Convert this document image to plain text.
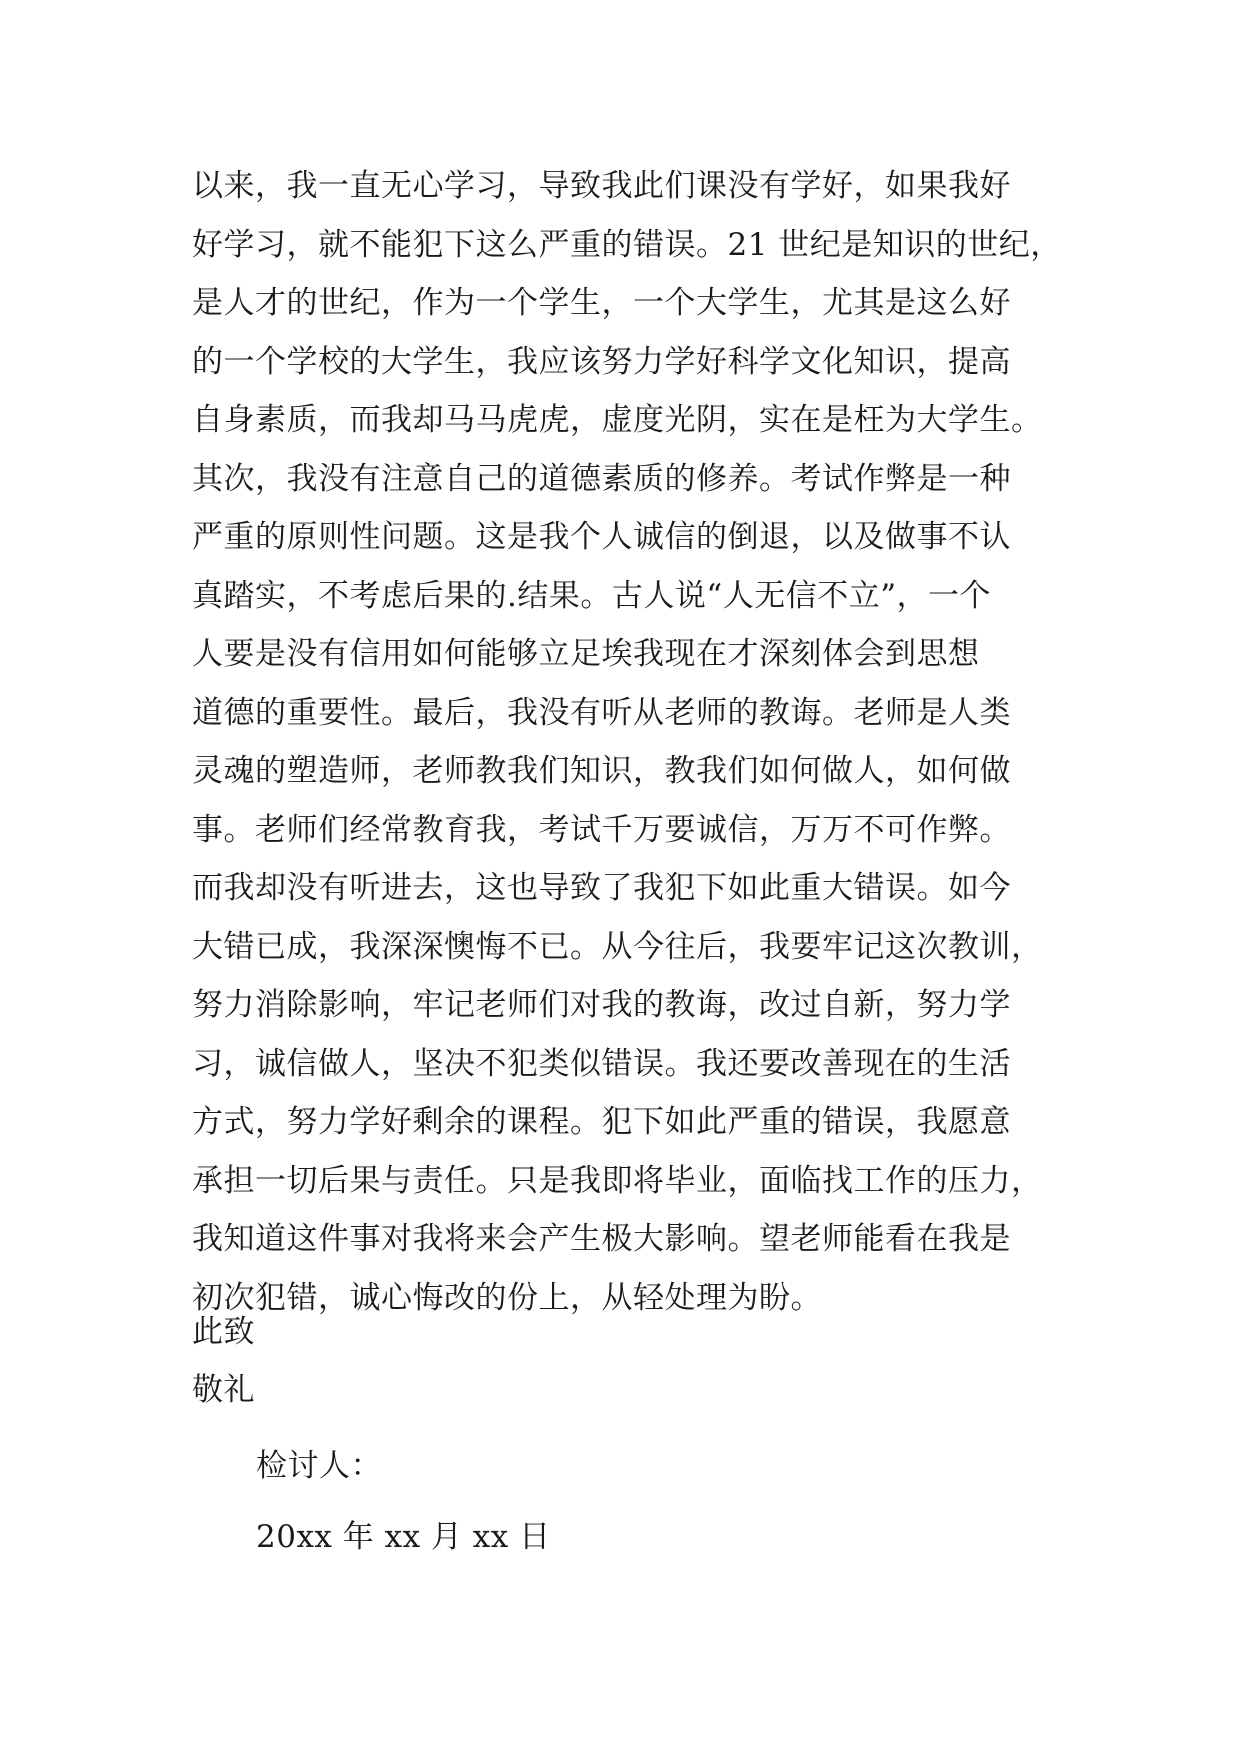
以来，我一直无心学习，导致我此们课没有学好，如果我好
好学习，就不能犯下这么严重的错误。21 世纪是知识的世纪，
是人才的世纪，作为一个学生，一个大学生，尤其是这么好
的一个学校的大学生，我应该努力学好科学文化知识，提高
自身素质，而我却马马虎虎，虚度光阴，实在是枉为大学生。
其次，我没有注意自己的道德素质的修养。考试作弊是一种
严重的原则性问题。这是我个人诚信的倒退，以及做事不认
真踏实，不考虑后果的.结果。古人说“人无信不立”，一个
人要是没有信用如何能够立足埃我现在才深刻体会到思想
道德的重要性。最后，我没有听从老师的教诲。老师是人类
灵魂的塑造师，老师教我们知识，教我们如何做人，如何做
事。老师们经常教育我，考试千万要诚信，万万不可作弊。
而我却没有听进去，这也导致了我犯下如此重大错误。如今
大错已成，我深深懊悔不已。从今往后，我要牢记这次教训，
努力消除影响，牢记老师们对我的教诲，改过自新，努力学
习，诚信做人，坚决不犯类似错误。我还要改善现在的生活
方式，努力学好剩余的课程。犯下如此严重的错误，我愿意
承担一切后果与责任。只是我即将毕业，面临找工作的压力，
我知道这件事对我将来会产生极大影响。望老师能看在我是
初次犯错，诚心悔改的份上，从轻处理为盼。
此致
敬礼
检讨人：
20xx 年 xx 月 xx 日
